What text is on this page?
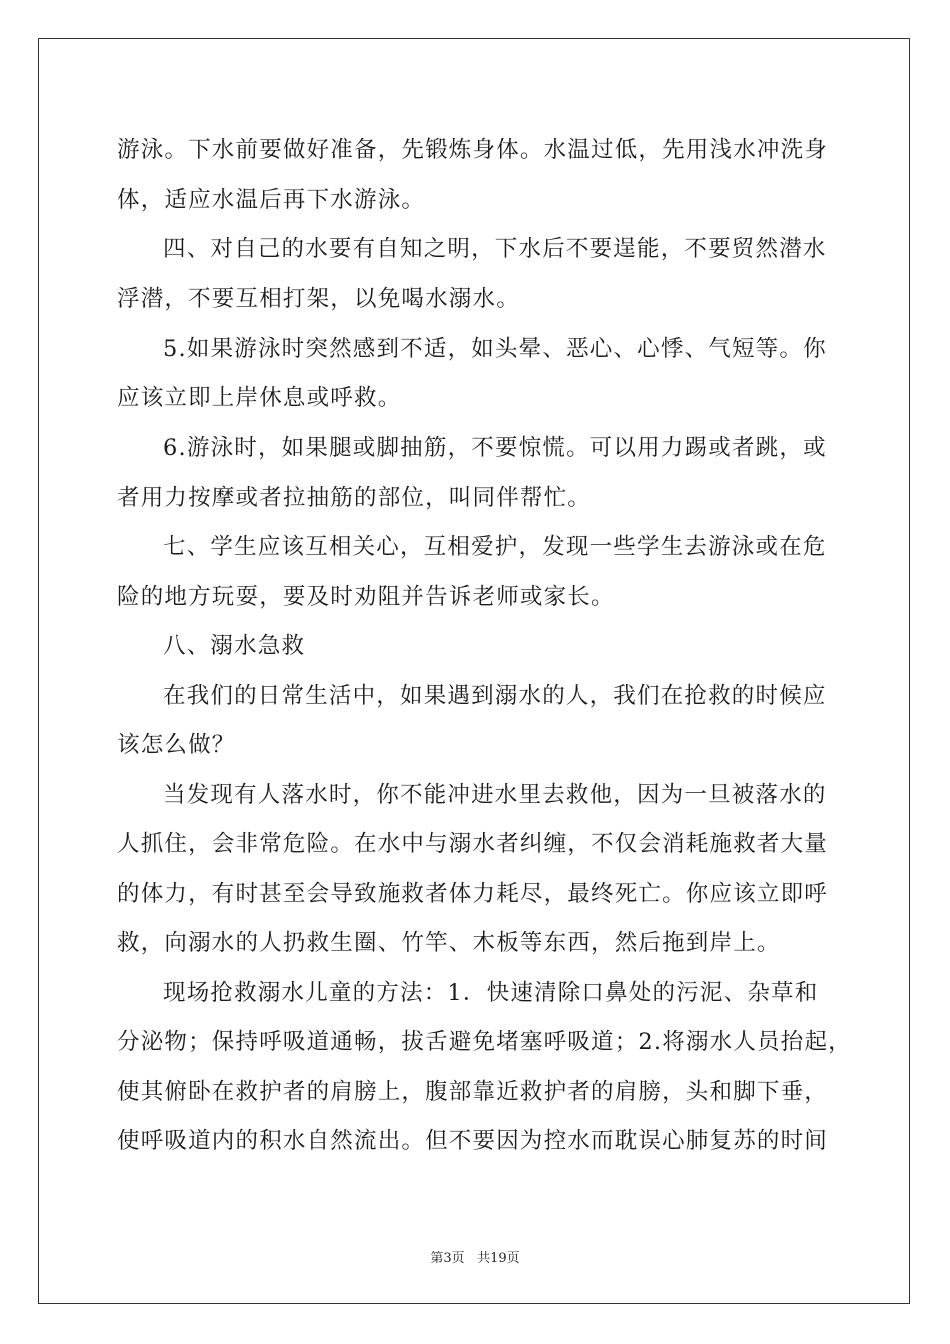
游泳。下水前要做好准备，先锻炼身体。水温过低，先用浅水冲洗身
体，适应水温后再下水游泳。
四、对自己的水要有自知之明，下水后不要逞能，不要贸然潜水
浮潜，不要互相打架，以免喝水溺水。
5.如果游泳时突然感到不适，如头晕、恶心、心悸、气短等。你
应该立即上岸休息或呼救。
6.游泳时，如果腿或脚抽筋，不要惊慌。可以用力踢或者跳，或
者用力按摩或者拉抽筋的部位，叫同伴帮忙。
七、学生应该互相关心，互相爱护，发现一些学生去游泳或在危
险的地方玩耍，要及时劝阻并告诉老师或家长。
八、溺水急救
在我们的日常生活中，如果遇到溺水的人，我们在抢救的时候应
该怎么做？
当发现有人落水时，你不能冲进水里去救他，因为一旦被落水的
人抓住，会非常危险。在水中与溺水者纠缠，不仅会消耗施救者大量
的体力，有时甚至会导致施救者体力耗尽，最终死亡。你应该立即呼
救，向溺水的人扔救生圈、竹竿、木板等东西，然后拖到岸上。
现场抢救溺水儿童的方法：1．快速清除口鼻处的污泥、杂草和
分泌物；保持呼吸道通畅，拔舌避免堵塞呼吸道；2.将溺水人员抬起，
使其俯卧在救护者的肩膀上，腹部靠近救护者的肩膀，头和脚下垂，
使呼吸道内的积水自然流出。但不要因为控水而耽误心肺复苏的时间
第3页 共19页
